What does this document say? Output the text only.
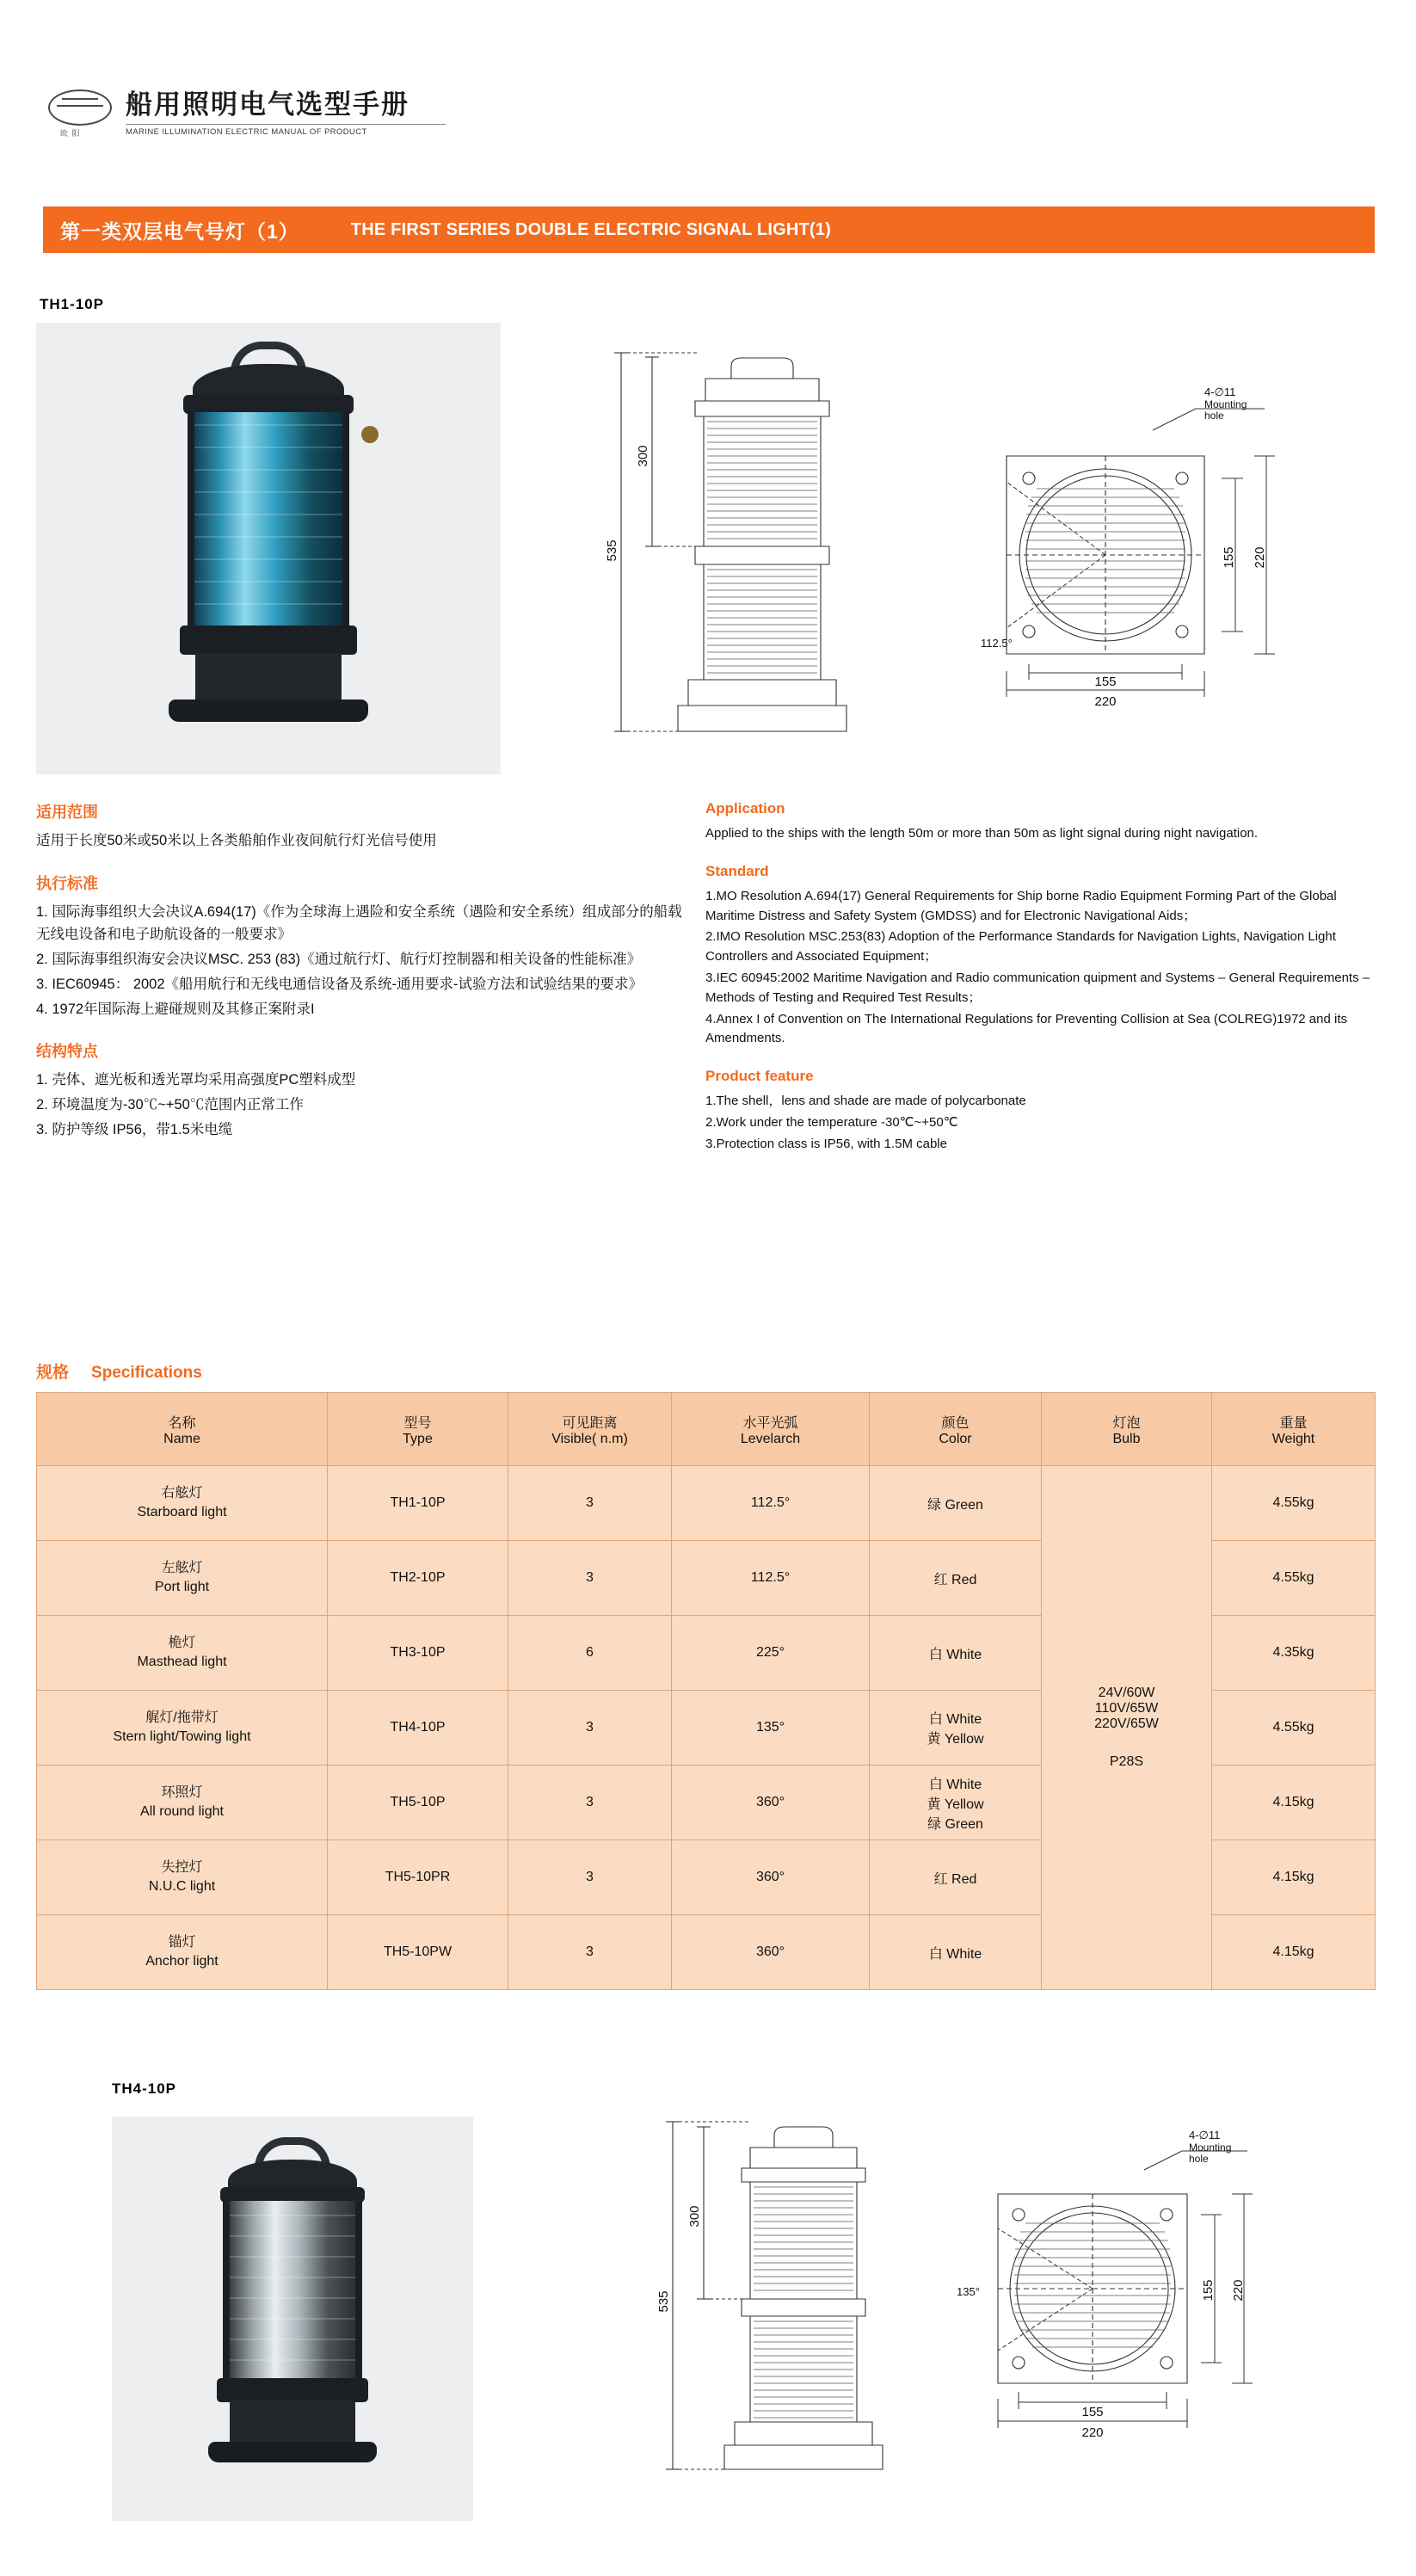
欧 阳
船用照明电气选型手册
MARINE ILLUMINATION ELECTRIC MANUAL OF PRODUCT
第一类双层电气号灯（1）	THE FIRST SERIES DOUBLE ELECTRIC SIGNAL LIGHT(1)
TH1-10P
535
300
4-∅11
Mounting
hole
155
220
155 220
112.5°
适用范围
适用于长度50米或50米以上各类船舶作业夜间航行灯光信号使用
执行标准

1. 国际海事组织大会决议A.694(17)《作为全球海上遇险和安全系统（遇险和安全系统）组成部分的船载无线电设备和电子助航设备的一般要求》

2. 国际海事组织海安会决议MSC. 253 (83)《通过航行灯、航行灯控制器和相关设备的性能标准》

3. IEC60945： 2002《船用航行和无线电通信设备及系统-通用要求-试验方法和试验结果的要求》

4. 1972年国际海上避碰规则及其修正案附录I

结构特点

1. 壳体、遮光板和透光罩均采用高强度PC塑料成型

2. 环境温度为-30℃~+50℃范围内正常工作

3. 防护等级 IP56，带1.5米电缆

Application
Applied to the ships with the length 50m or more than 50m as light signal during night navigation.
Standard

1.MO Resolution A.694(17) General Requirements for Ship borne Radio Equipment Forming Part of the Global Maritime Distress and Safety System (GMDSS) and for Electronic Navigational Aids；

2.IMO Resolution MSC.253(83) Adoption of the Performance Standards for Navigation Lights, Navigation Light Controllers and Associated Equipment；

3.IEC 60945:2002 Maritime Navigation and Radio communication quipment and Systems – General Requirements – Methods of Testing and Required Test Results；

4.Annex I of Convention on The International Regulations for Preventing Collision at Sea (COLREG)1972 and its Amendments.

Product feature

1.The shell，lens and shade are made of polycarbonate

2.Work under the temperature -30℃~+50℃

3.Protection class is IP56, with 1.5M cable

规格 Specifications
名称
Name	型号
Type	可见距离
Visible( n.m)	水平光弧
Levelarch	颜色
Color	灯泡
Bulb	重量
Weight

右舷灯
Starboard light	TH1-10P	3	112.5°	绿 Green	24V/60W
110V/65W
220V/65W
P28S	4.55kg

左舷灯
Port light	TH2-10P	3	112.5°	红 Red		4.55kg

桅灯
Masthead light	TH3-10P	6	225°	白 White		4.35kg

艉灯/拖带灯
Stern light/Towing light	TH4-10P	3	135°	白 White
黄 Yellow		4.55kg

环照灯
All round light	TH5-10P	3	360°	白 White
黄 Yellow
绿 Green		4.15kg

失控灯
N.U.C light	TH5-10PR	3	360°	红 Red		4.15kg

锚灯
Anchor light	TH5-10PW	3	360°	白 White		4.15kg
TH4-10P
535
300
4-∅11
Mounting
hole
155
220
155 220
135°
